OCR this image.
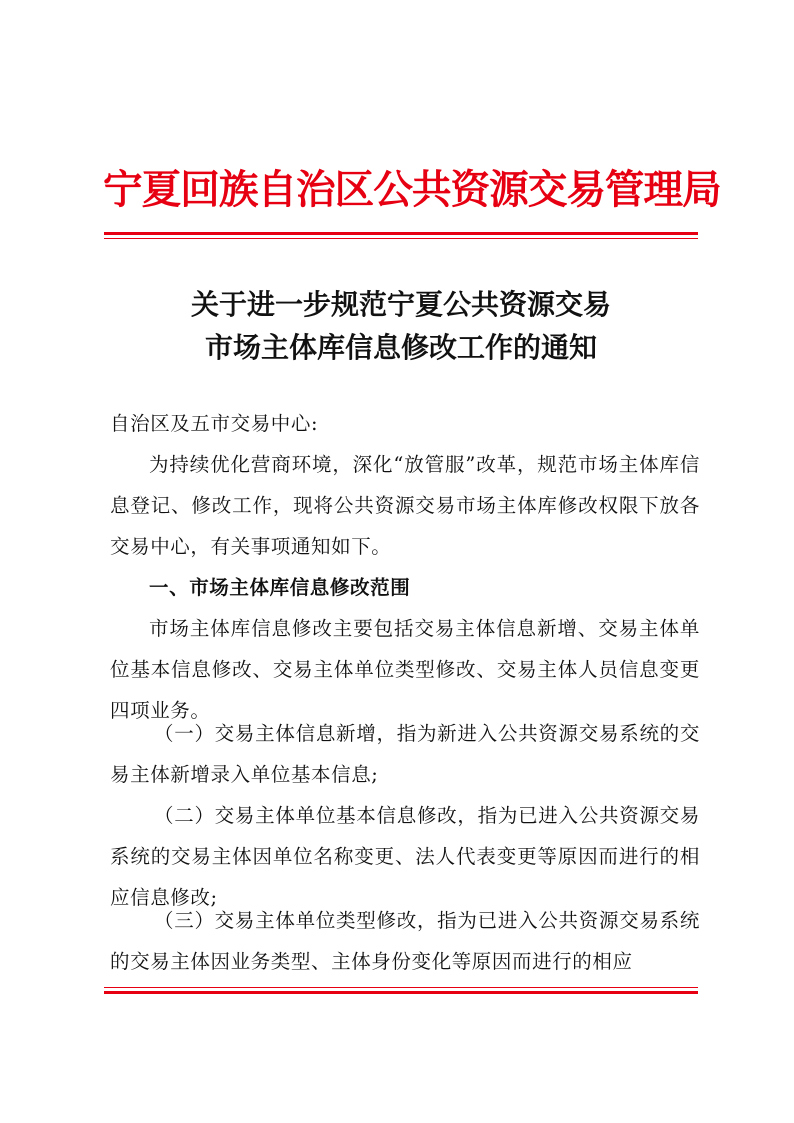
宁夏回族自治区公共资源交易管理局
关于进一步规范宁夏公共资源交易
市场主体库信息修改工作的通知
自治区及五市交易中心:
为持续优化营商环境，深化“放管服”改革，规范市场主体库信息登记、修改工作，现将公共资源交易市场主体库修改权限下放各交易中心，有关事项通知如下。
一、市场主体库信息修改范围
市场主体库信息修改主要包括交易主体信息新增、交易主体单位基本信息修改、交易主体单位类型修改、交易主体人员信息变更四项业务。
（一）交易主体信息新增，指为新进入公共资源交易系统的交易主体新增录入单位基本信息;
（二）交易主体单位基本信息修改，指为已进入公共资源交易系统的交易主体因单位名称变更、法人代表变更等原因而进行的相应信息修改;
（三）交易主体单位类型修改，指为已进入公共资源交易系统的交易主体因业务类型、主体身份变化等原因而进行的相应
